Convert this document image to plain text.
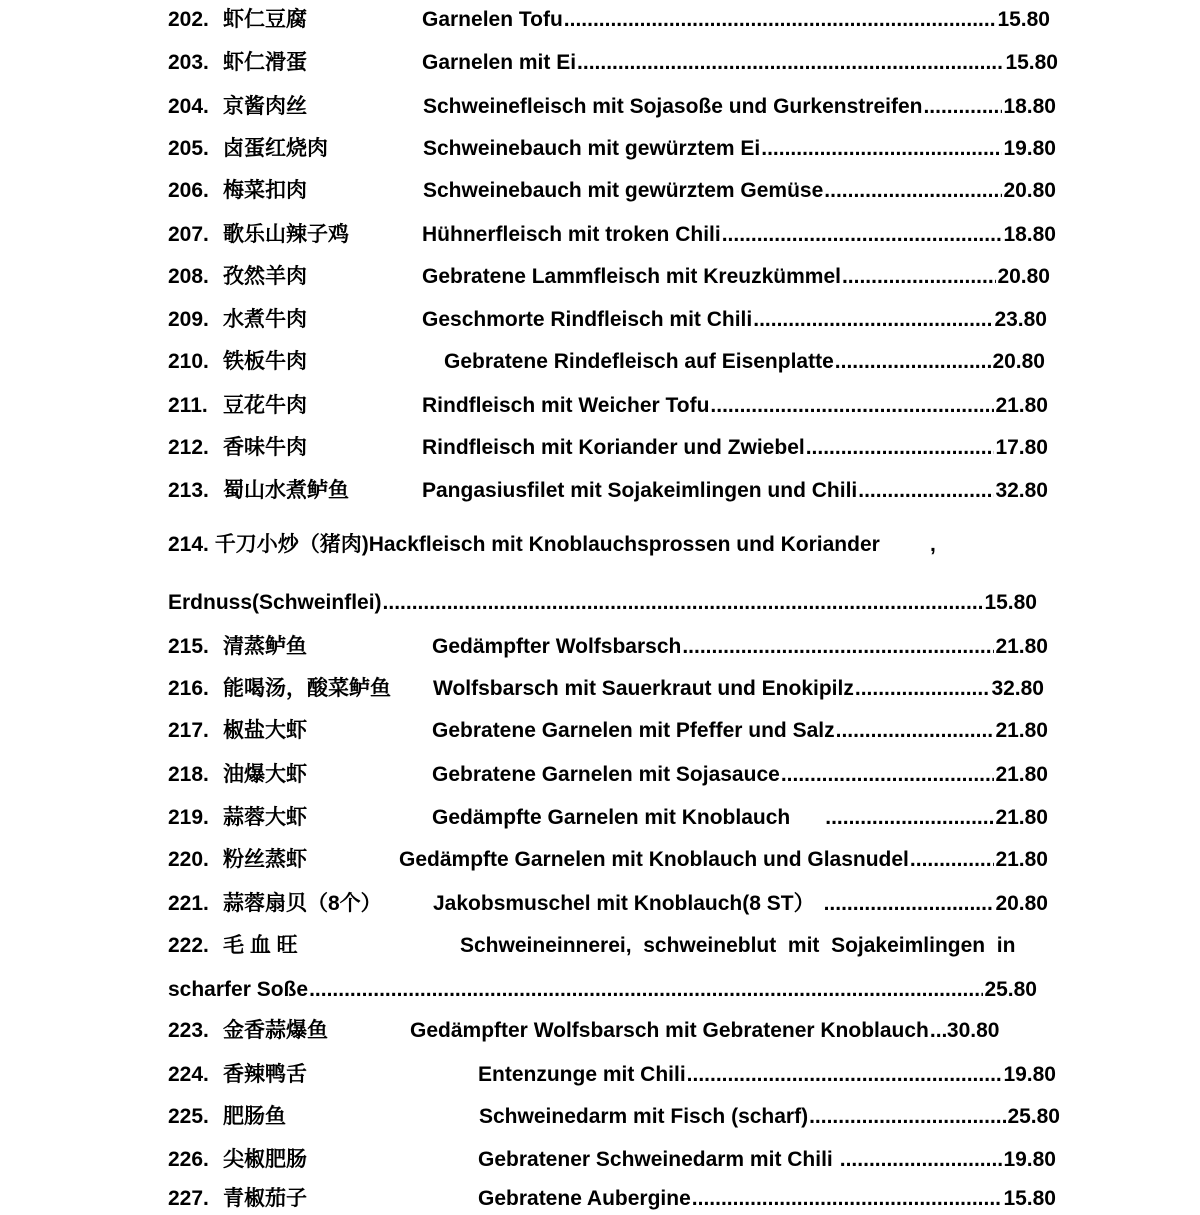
202. 虾仁豆腐	Garnelen Tofu .....	15.80
203. 虾仁滑蛋	Garnelen mit Ei .....	15.80
204. 京酱肉丝	Schweinefleisch mit Sojasoße und Gurkenstreifen .....	18.80
205. 卤蛋红烧肉	Schweinebauch mit gewürztem Ei .....	19.80
206. 梅菜扣肉	Schweinebauch mit gewürztem Gemüse .....	20.80
207. 歌乐山辣子鸡	Hühnerfleisch mit troken Chili .....	18.80
208. 孜然羊肉	Gebratene Lammfleisch mit Kreuzkümmel .....	20.80
209. 水煮牛肉	Geschmorte Rindfleisch mit Chili .....	23.80
210. 铁板牛肉	Gebratene Rindefleisch auf Eisenplatte .....	20.80
211. 豆花牛肉	Rindfleisch mit Weicher Tofu .....	21.80
212. 香味牛肉	Rindfleisch mit Koriander und Zwiebel .....	17.80
213. 蜀山水煮鲈鱼	Pangasiusfilet mit Sojakeimlingen und Chili .....	32.80
214. 千刀小炒（猪肉)Hackfleisch mit Knoblauchsprossen und Koriander ,
Erdnuss(Schweinflei) .....	15.80
215. 清蒸鲈鱼	Gedämpfter Wolfsbarsch .....	21.80
216. 能喝汤，酸菜鲈鱼 Wolfsbarsch mit Sauerkraut und Enokipilz .....	32.80
217. 椒盐大虾	Gebratene Garnelen mit Pfeffer und Salz .....	21.80
218. 油爆大虾	Gebratene Garnelen mit Sojasauce .....	21.80
219. 蒜蓉大虾	Gedämpfte Garnelen mit Knoblauch .....	21.80
220. 粉丝蒸虾	Gedämpfte Garnelen mit Knoblauch und Glasnudel .....	21.80
221. 蒜蓉扇贝（8个） Jakobsmuschel mit Knoblauch(8 ST） .....	20.80
222. 毛 血 旺	Schweineinnerei,  schweineblut  mit  Sojakeimlingen  in
scharfer Soße .....	25.80
223. 金香蒜爆鱼	Gedämpfter Wolfsbarsch mit Gebratener Knoblauch ..... 30.80
224. 香辣鸭舌	Entenzunge mit Chili .....	19.80
225. 肥肠鱼	Schweinedarm mit Fisch (scharf) .....	25.80
226. 尖椒肥肠	Gebratener Schweinedarm mit Chili .....	19.80
227. 青椒茄子	Gebratene Aubergine .....	15.80
